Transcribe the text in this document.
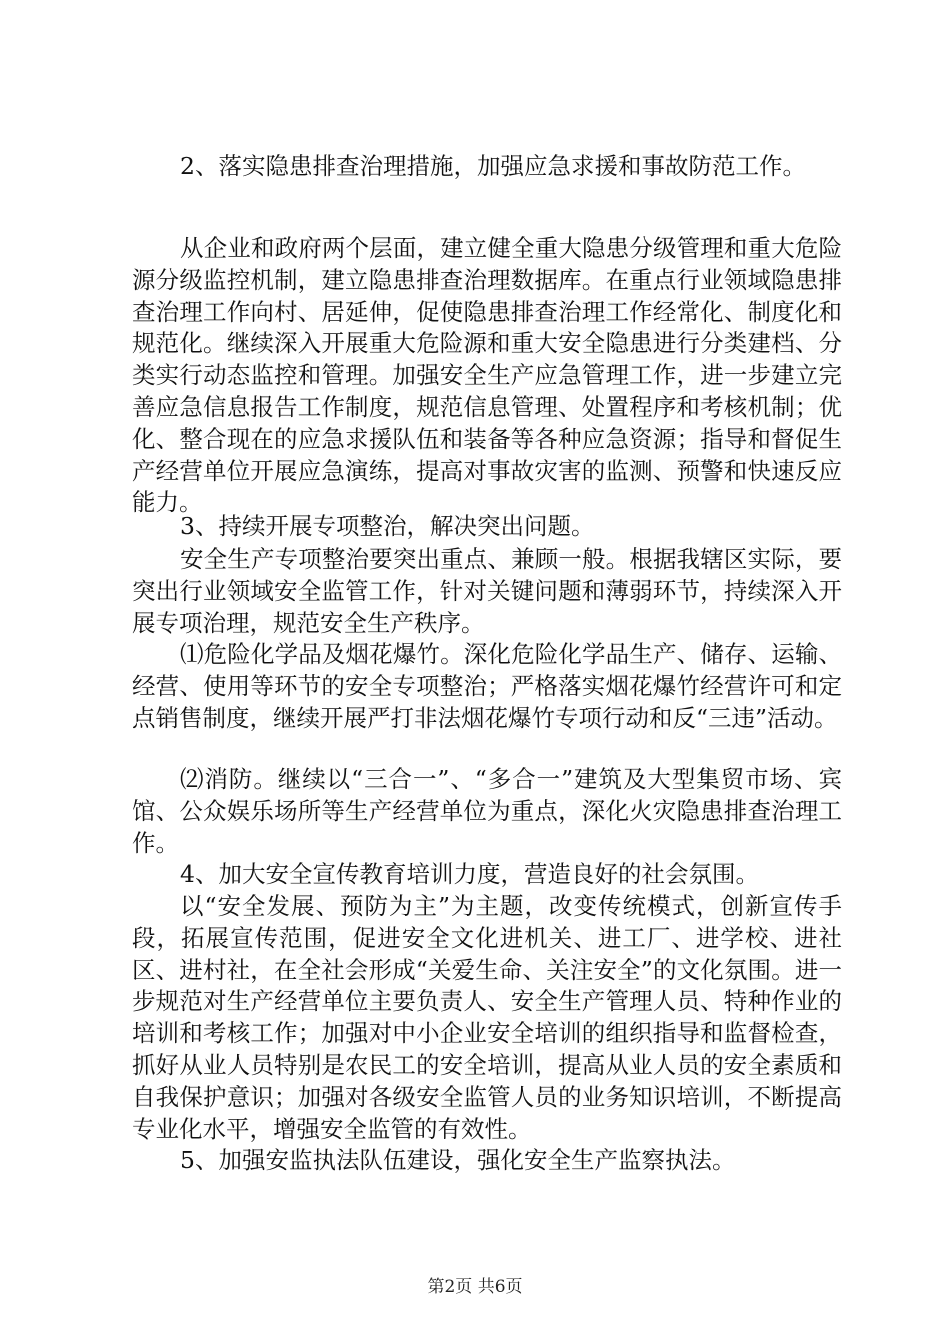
2、落实隐患排查治理措施，加强应急求援和事故防范工作。

从企业和政府两个层面，建立健全重大隐患分级管理和重大危险源分级监控机制，建立隐患排查治理数据库。在重点行业领域隐患排查治理工作向村、居延伸，促使隐患排查治理工作经常化、制度化和规范化。继续深入开展重大危险源和重大安全隐患进行分类建档、分类实行动态监控和管理。加强安全生产应急管理工作，进一步建立完善应急信息报告工作制度，规范信息管理、处置程序和考核机制；优化、整合现在的应急求援队伍和装备等各种应急资源；指导和督促生产经营单位开展应急演练，提高对事故灾害的监测、预警和快速反应能力。

3、持续开展专项整治，解决突出问题。

安全生产专项整治要突出重点、兼顾一般。根据我辖区实际，要突出行业领域安全监管工作，针对关键问题和薄弱环节，持续深入开展专项治理，规范安全生产秩序。

⑴危险化学品及烟花爆竹。深化危险化学品生产、储存、运输、经营、使用等环节的安全专项整治；严格落实烟花爆竹经营许可和定点销售制度，继续开展严打非法烟花爆竹专项行动和反“三违”活动。

⑵消防。继续以“三合一”、“多合一”建筑及大型集贸市场、宾馆、公众娱乐场所等生产经营单位为重点，深化火灾隐患排查治理工作。

4、加大安全宣传教育培训力度，营造良好的社会氛围。

以“安全发展、预防为主”为主题，改变传统模式，创新宣传手段，拓展宣传范围，促进安全文化进机关、进工厂、进学校、进社区、进村社，在全社会形成“关爱生命、关注安全”的文化氛围。进一步规范对生产经营单位主要负责人、安全生产管理人员、特种作业的培训和考核工作；加强对中小企业安全培训的组织指导和监督检查，抓好从业人员特别是农民工的安全培训，提高从业人员的安全素质和自我保护意识；加强对各级安全监管人员的业务知识培训，不断提高专业化水平，增强安全监管的有效性。

5、加强安监执法队伍建设，强化安全生产监察执法。

第2页 共6页
